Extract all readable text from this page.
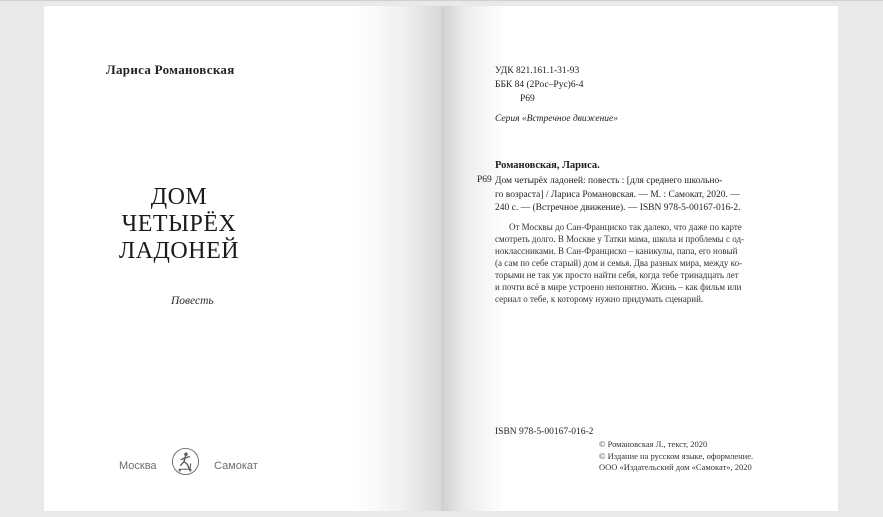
Лариса Романовская
ДОМ
ЧЕТЫРЁХ
ЛАДОНЕЙ
Повесть
Москва	Самокат
УДК 821.161.1-31-93
ББК 84 (2Рос–Рус)6-4
Р69
Серия «Встречное движение»
Романовская, Лариса.
Р69 Дом четырёх ладоней: повесть : [для среднего школьно-
го возраста] / Лариса Романовская. — М. : Самокат, 2020. —
240 с. — (Встречное движение). — ISBN 978-5-00167-016-2.
От Москвы до Сан-Франциско так далеко, что даже по карте
смотреть долго. В Москве у Татки мама, школа и проблемы с од-
ноклассниками. В Сан-Франциско – каникулы, папа, его новый
(а сам по себе старый) дом и семья. Два разных мира, между ко-
торыми не так уж просто найти себя, когда тебе тринадцать лет
и почти всё в мире устроено непонятно. Жизнь – как фильм или
сериал о тебе, к которому нужно придумать сценарий.
ISBN 978-5-00167-016-2
© Романовская Л., текст, 2020
© Издание на русском языке, оформление.
ООО «Издательский дом «Самокат», 2020
